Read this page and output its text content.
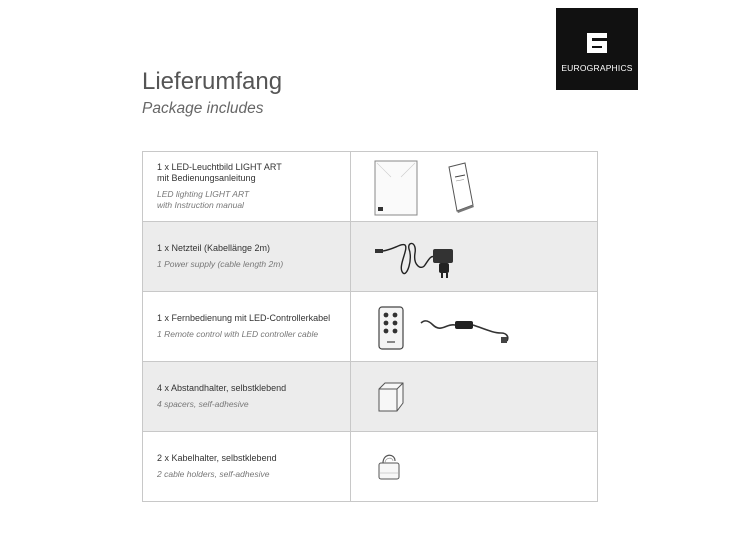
EUROGRAPHICS
Lieferumfang
Package includes
1 x LED-Leuchtbild LIGHT ART
mit Bedienungsanleitung
LED lighting LIGHT ART
with Instruction manual

1 x Netzteil (Kabellänge 2m)
1 Power supply (cable length 2m)

1 x Fernbedienung mit LED-Controllerkabel
1 Remote control with LED controller cable

4 x Abstandhalter, selbstklebend
4 spacers, self-adhesive

2 x Kabelhalter, selbstklebend
2 cable holders, self-adhesive
